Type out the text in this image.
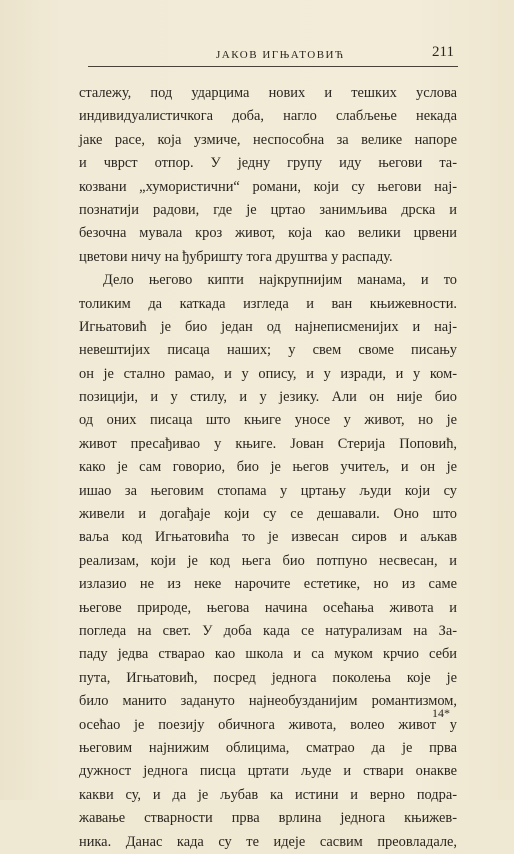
ЈАКОВ ИГЊАТОВИЋ	211
сталежу, под ударцима нових и тешких услова
индивидуалистичкога доба, нагло слабљење некада
јаке расе, која узмиче, неспособна за велике напоре
и чврст отпор. У једну групу иду његови та-
козвани „хумористични“ романи, који су његови нај-
познатији радови, где је цртао занимљива дрска и
безочна мувала кроз живот, која као велики црвени
цветови ничу на ђубришту тога друштва у распаду.
Дело његово кипти најкрупнијим манама, и то
толиким да каткада изгледа и ван књижевности.
Игњатовић је био један од најнеписменијих и нај-
невештијих писаца наших; у свем своме писању
он је стално рамао, и у опису, и у изради, и у ком-
позицији, и у стилу, и у језику. Али он није био
од оних писаца што књиге уносе у живот, но је
живот пресађивао у књиге. Јован Стерија Поповић,
како је сам говорио, био је његов учитељ, и он је
ишао за његовим стопама у цртању људи који су
живели и догађаје који су се дешавали. Оно што
ваља код Игњатовића то је извесан сиров и аљкав
реализам, који је код њега био потпуно несвесан, и
излазио не из неке нарочите естетике, но из саме
његове природе, његова начина осећања живота и
погледа на свет. У доба када се натурализам на За-
паду једва стварао као школа и са муком крчио себи
пута, Игњатовић, посред једнога поколења које је
било манито заданутo најнеобузданијим романтизмом,
осећао је поезију обичнога живота, волео живот у
његовим најнижим облицима, сматрао да је прва
дужност једнога писца цртати људе и ствари онакве
какви су, и да је љубав ка истини и верно подра-
жавање стварности прва врлина једнога књижев-
ника. Данас када су те идеје сасвим преовладале,
14*
